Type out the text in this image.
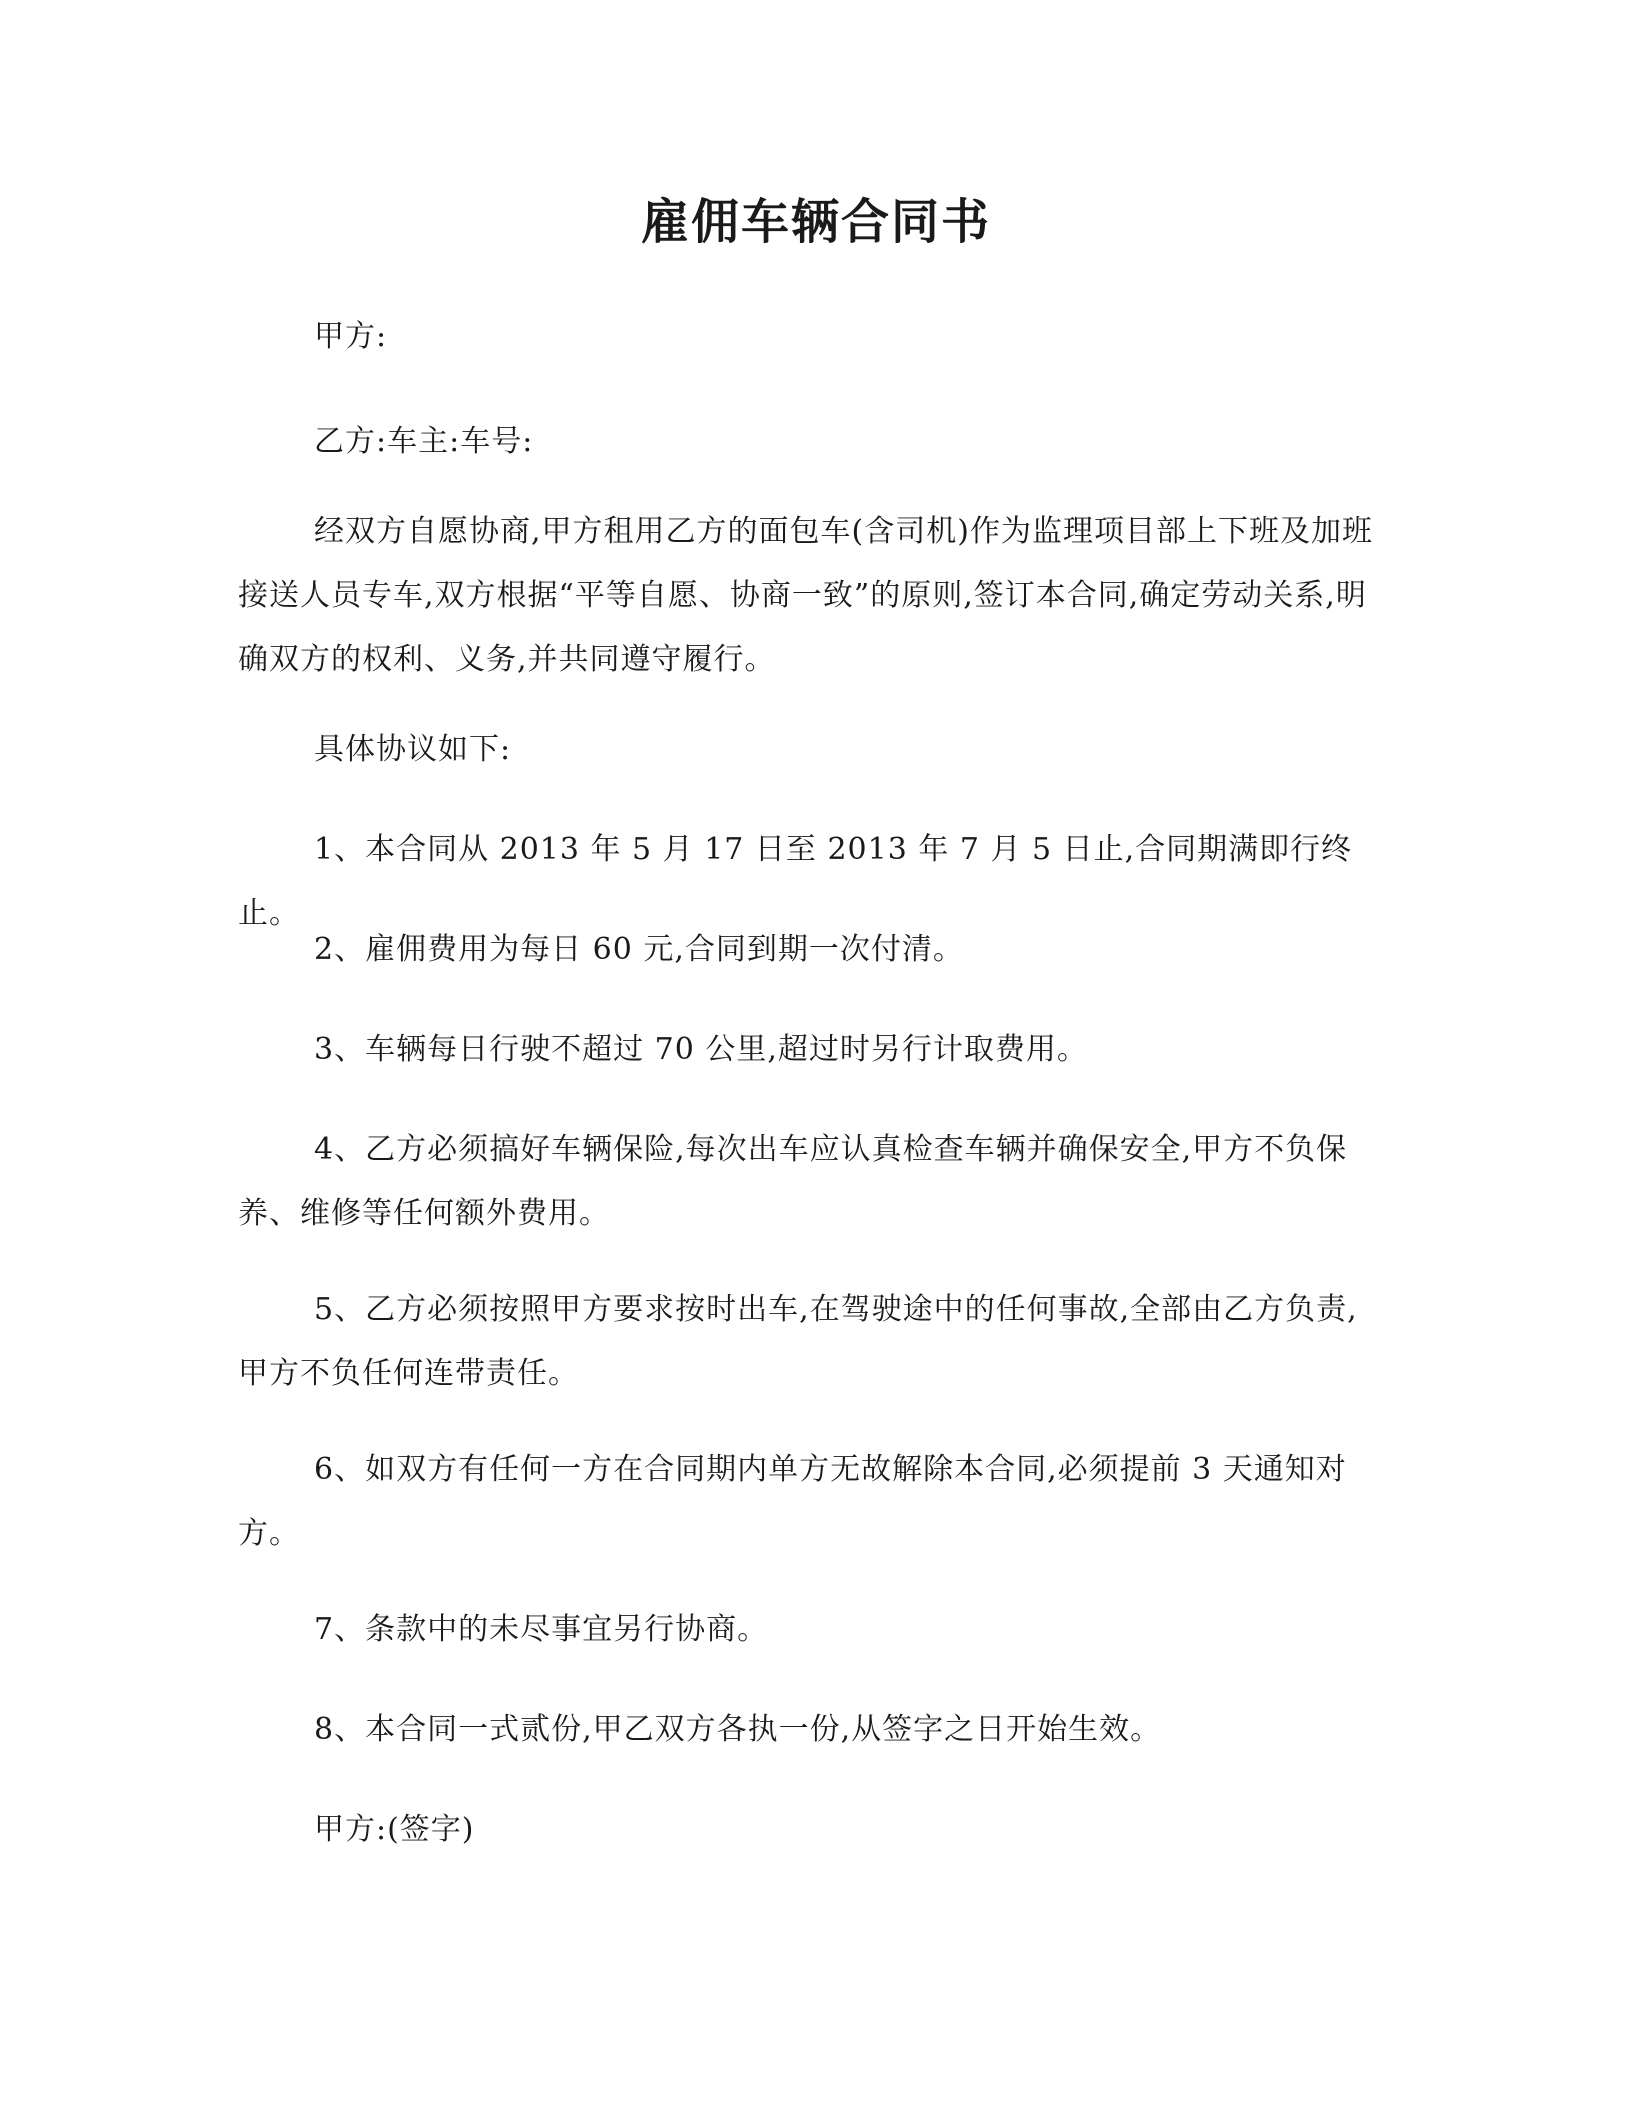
雇佣车辆合同书
甲方:
乙方:车主:车号:
经双方自愿协商,甲方租用乙方的面包车(含司机)作为监理项目部上下班及加班接送人员专车,双方根据“平等自愿、协商一致”的原则,签订本合同,确定劳动关系,明确双方的权利、义务,并共同遵守履行。
具体协议如下:
1、本合同从 2013 年 5 月 17 日至 2013 年 7 月 5 日止,合同期满即行终止。
2、雇佣费用为每日 60 元,合同到期一次付清。
3、车辆每日行驶不超过 70 公里,超过时另行计取费用。
4、乙方必须搞好车辆保险,每次出车应认真检查车辆并确保安全,甲方不负保养、维修等任何额外费用。
5、乙方必须按照甲方要求按时出车,在驾驶途中的任何事故,全部由乙方负责,甲方不负任何连带责任。
6、如双方有任何一方在合同期内单方无故解除本合同,必须提前 3 天通知对方。
7、条款中的未尽事宜另行协商。
8、本合同一式贰份,甲乙双方各执一份,从签字之日开始生效。
甲方:(签字)
